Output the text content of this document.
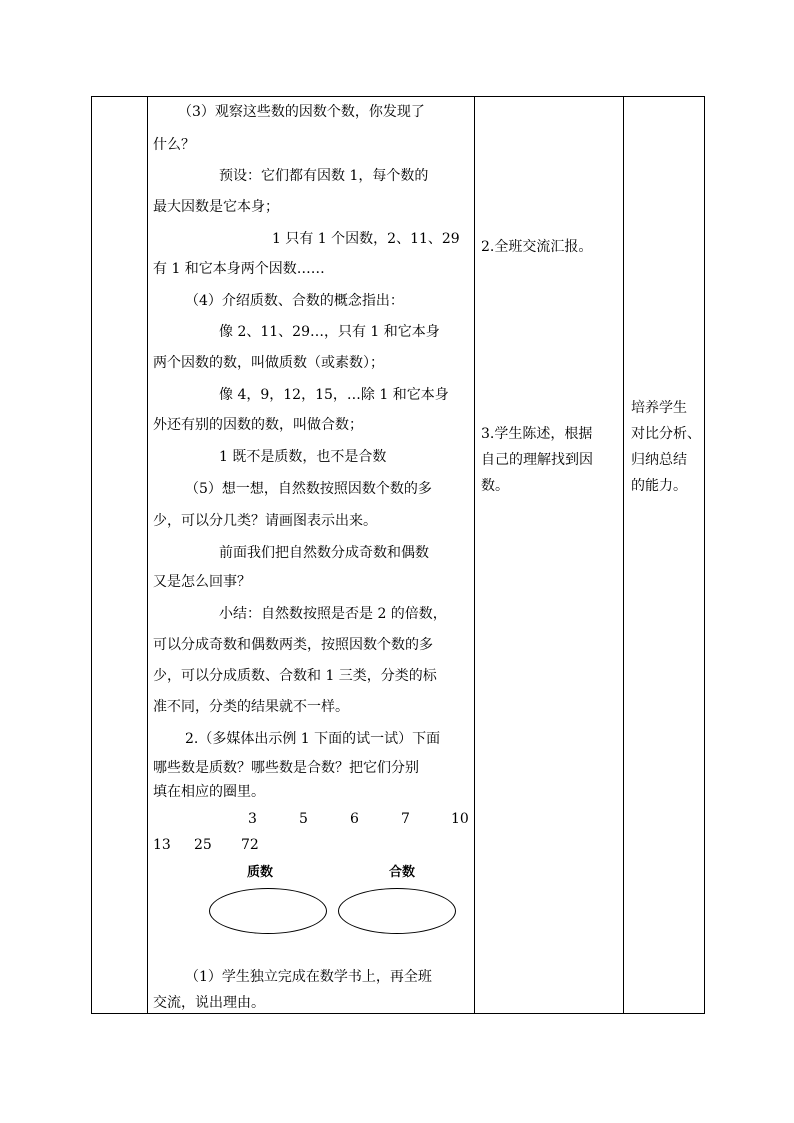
（3）观察这些数的因数个数，你发现了
什么？
预设：它们都有因数 1，每个数的
最大因数是它本身；
1 只有 1 个因数，2、11、29
有 1 和它本身两个因数……
（4）介绍质数、合数的概念指出：
像 2、11、29…，只有 1 和它本身
两个因数的数，叫做质数（或素数）；
像 4，9，12，15，…除 1 和它本身
外还有别的因数的数，叫做合数；
1 既不是质数，也不是合数
（5）想一想，自然数按照因数个数的多
少，可以分几类？请画图表示出来。
前面我们把自然数分成奇数和偶数
又是怎么回事？
小结：自然数按照是否是 2 的倍数，
可以分成奇数和偶数两类，按照因数个数的多
少，可以分成质数、合数和 1 三类，分类的标
准不同，分类的结果就不一样。
2.（多媒体出示例 1 下面的试一试）下面
哪些数是质数？哪些数是合数？把它们分别
填在相应的圈里。
3	5	6	7	10
13 25 72
质数	合数
（1）学生独立完成在数学书上，再全班
交流，说出理由。

2.全班交流汇报。
3.学生陈述，根据
自己的理解找到因
数。

培养学生
对比分析、
归纳总结
的能力。
